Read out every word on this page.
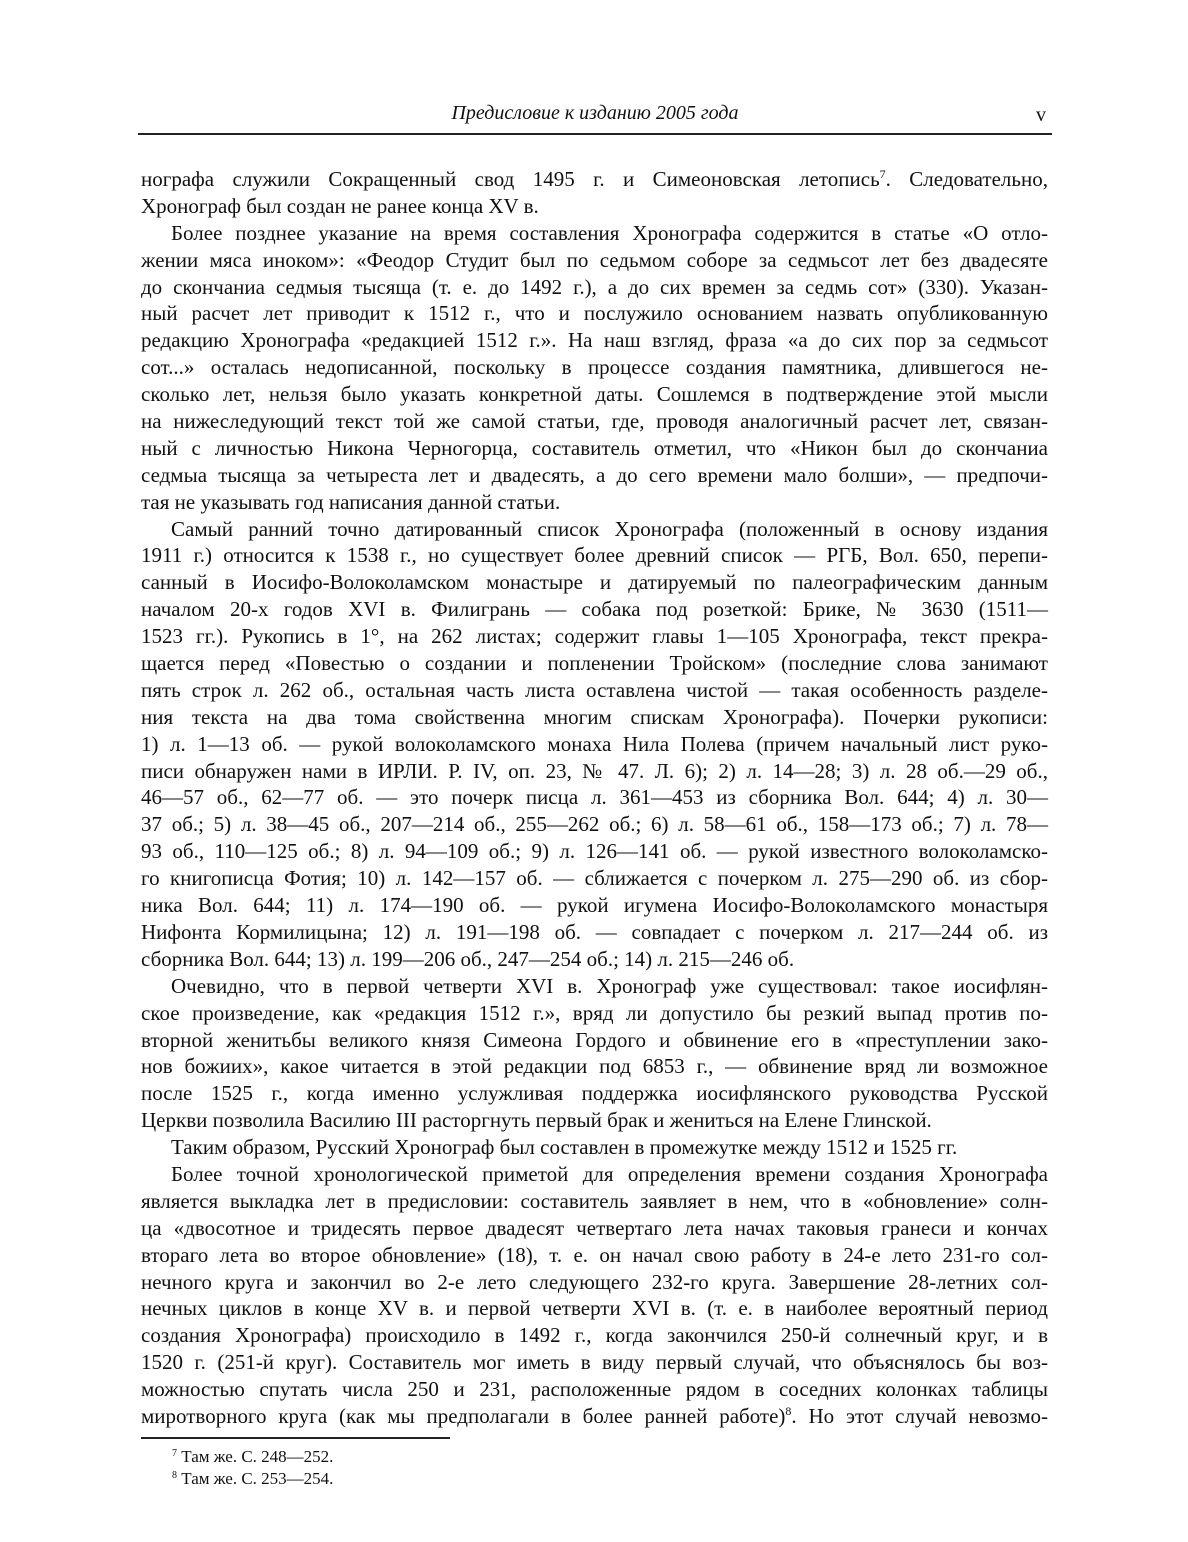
Предисловие к изданию 2005 года	v
нографа служили Сокращенный свод 1495 г. и Симеоновская летопись$^7$. Следовательно,
Хронограф был создан не ранее конца XV в.
Более позднее указание на время составления Хронографа содержится в статье «О отло-
жении мяса иноком»: «Феодор Студит был по седьмом соборе за седмьсот лет без двадесяте
до скончаниа седмыя тысяща (т. е. до 1492 г.), а до сих времен за седмь сот» (330). Указан-
ный расчет лет приводит к 1512 г., что и послужило основанием назвать опубликованную
редакцию Хронографа «редакцией 1512 г.». На наш взгляд, фраза «а до сих пор за седмьсот
сот...» осталась недописанной, поскольку в процессе создания памятника, длившегося не-
сколько лет, нельзя было указать конкретной даты. Сошлемся в подтверждение этой мысли
на нижеследующий текст той же самой статьи, где, проводя аналогичный расчет лет, связан-
ный с личностью Никона Черногорца, составитель отметил, что «Никон был до скончаниа
седмыа тысяща за четыреста лет и двадесять, а до сего времени мало болши», — предпочи-
тая не указывать год написания данной статьи.
Самый ранний точно датированный список Хронографа (положенный в основу издания
1911 г.) относится к 1538 г., но существует более древний список — РГБ, Вол. 650, перепи-
санный в Иосифо-Волоколамском монастыре и датируемый по палеографическим данным
началом 20-х годов XVI в. Филигрань — собака под розеткой: Брике, № 3630 (1511—
1523 гг.). Рукопись в 1°, на 262 листах; содержит главы 1—105 Хронографа, текст прекра-
щается перед «Повестью о создании и попленении Тройском» (последние слова занимают
пять строк л. 262 об., остальная часть листа оставлена чистой — такая особенность разделе-
ния текста на два тома свойственна многим спискам Хронографа). Почерки рукописи:
1) л. 1—13 об. — рукой волоколамского монаха Нила Полева (причем начальный лист руко-
писи обнаружен нами в ИРЛИ. Р. IV, оп. 23, № 47. Л. 6); 2) л. 14—28; 3) л. 28 об.—29 об.,
46—57 об., 62—77 об. — это почерк писца л. 361—453 из сборника Вол. 644; 4) л. 30—
37 об.; 5) л. 38—45 об., 207—214 об., 255—262 об.; 6) л. 58—61 об., 158—173 об.; 7) л. 78—
93 об., 110—125 об.; 8) л. 94—109 об.; 9) л. 126—141 об. — рукой известного волоколамско-
го книгописца Фотия; 10) л. 142—157 об. — сближается с почерком л. 275—290 об. из сбор-
ника Вол. 644; 11) л. 174—190 об. — рукой игумена Иосифо-Волоколамского монастыря
Нифонта Кормилицына; 12) л. 191—198 об. — совпадает с почерком л. 217—244 об. из
сборника Вол. 644; 13) л. 199—206 об., 247—254 об.; 14) л. 215—246 об.
Очевидно, что в первой четверти XVI в. Хронограф уже существовал: такое иосифлян-
ское произведение, как «редакция 1512 г.», вряд ли допустило бы резкий выпад против по-
вторной женитьбы великого князя Симеона Гордого и обвинение его в «преступлении зако-
нов божиих», какое читается в этой редакции под 6853 г., — обвинение вряд ли возможное
после 1525 г., когда именно услужливая поддержка иосифлянского руководства Русской
Церкви позволила Василию III расторгнуть первый брак и жениться на Елене Глинской.
Таким образом, Русский Хронограф был составлен в промежутке между 1512 и 1525 гг.
Более точной хронологической приметой для определения времени создания Хронографа
является выкладка лет в предисловии: составитель заявляет в нем, что в «обновление» солн-
ца «двосотное и тридесять первое двадесят четвертаго лета начах таковыя гранеси и кончах
втораго лета во второе обновление» (18), т. е. он начал свою работу в 24-е лето 231-го сол-
нечного круга и закончил во 2-е лето следующего 232-го круга. Завершение 28-летних сол-
нечных циклов в конце XV в. и первой четверти XVI в. (т. е. в наиболее вероятный период
создания Хронографа) происходило в 1492 г., когда закончился 250-й солнечный круг, и в
1520 г. (251-й круг). Составитель мог иметь в виду первый случай, что объяснялось бы воз-
можностью спутать числа 250 и 231, расположенные рядом в соседних колонках таблицы
миротворного круга (как мы предполагали в более ранней работе)$^8$. Но этот случай невозмо-
$^7$ Там же. С. 248—252.
$^8$ Там же. С. 253—254.
